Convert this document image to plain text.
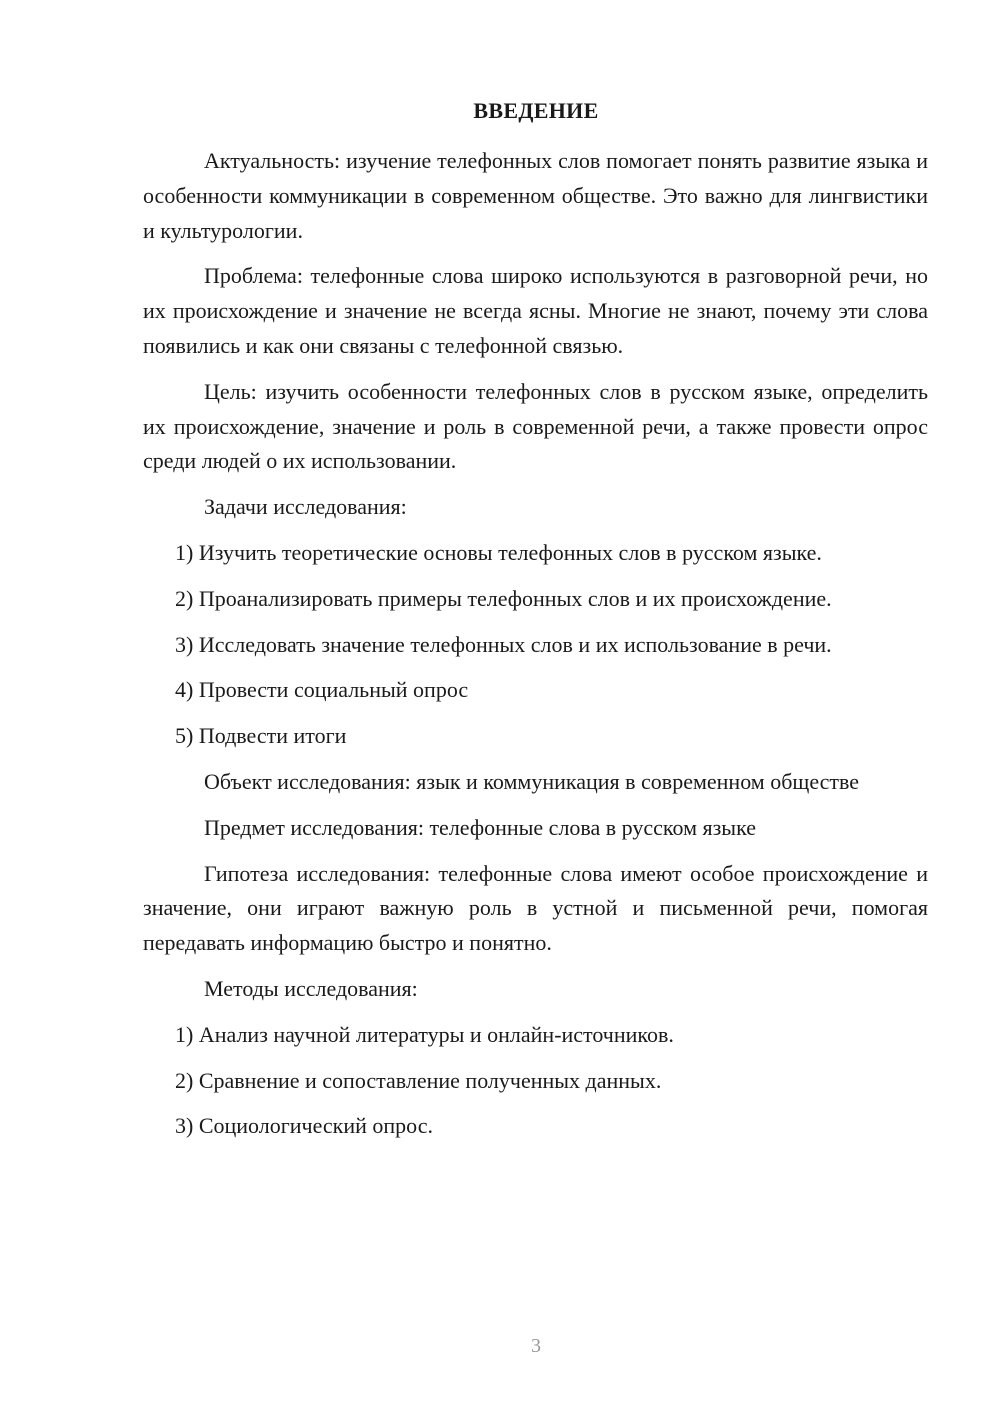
ВВЕДЕНИЕ

Актуальность: изучение телефонных слов помогает понять развитие языка и особенности коммуникации в современном обществе. Это важно для лингвистики и культурологии.

Проблема: телефонные слова широко используются в разговорной речи, но их происхождение и значение не всегда ясны. Многие не знают, почему эти слова появились и как они связаны с телефонной связью.

Цель: изучить особенности телефонных слов в русском языке, определить их происхождение, значение и роль в современной речи, а также провести опрос среди людей о их использовании.

Задачи исследования:

1) Изучить теоретические основы телефонных слов в русском языке.

2) Проанализировать примеры телефонных слов и их происхождение.

3) Исследовать значение телефонных слов и их использование в речи.

4) Провести социальный опрос

5) Подвести итоги

Объект исследования: язык и коммуникация в современном обществе

Предмет исследования: телефонные слова в русском языке

Гипотеза исследования: телефонные слова имеют особое происхождение и значение, они играют важную роль в устной и письменной речи, помогая передавать информацию быстро и понятно.

Методы исследования:

1) Анализ научной литературы и онлайн-источников.

2) Сравнение и сопоставление полученных данных.

3) Социологический опрос.

3
